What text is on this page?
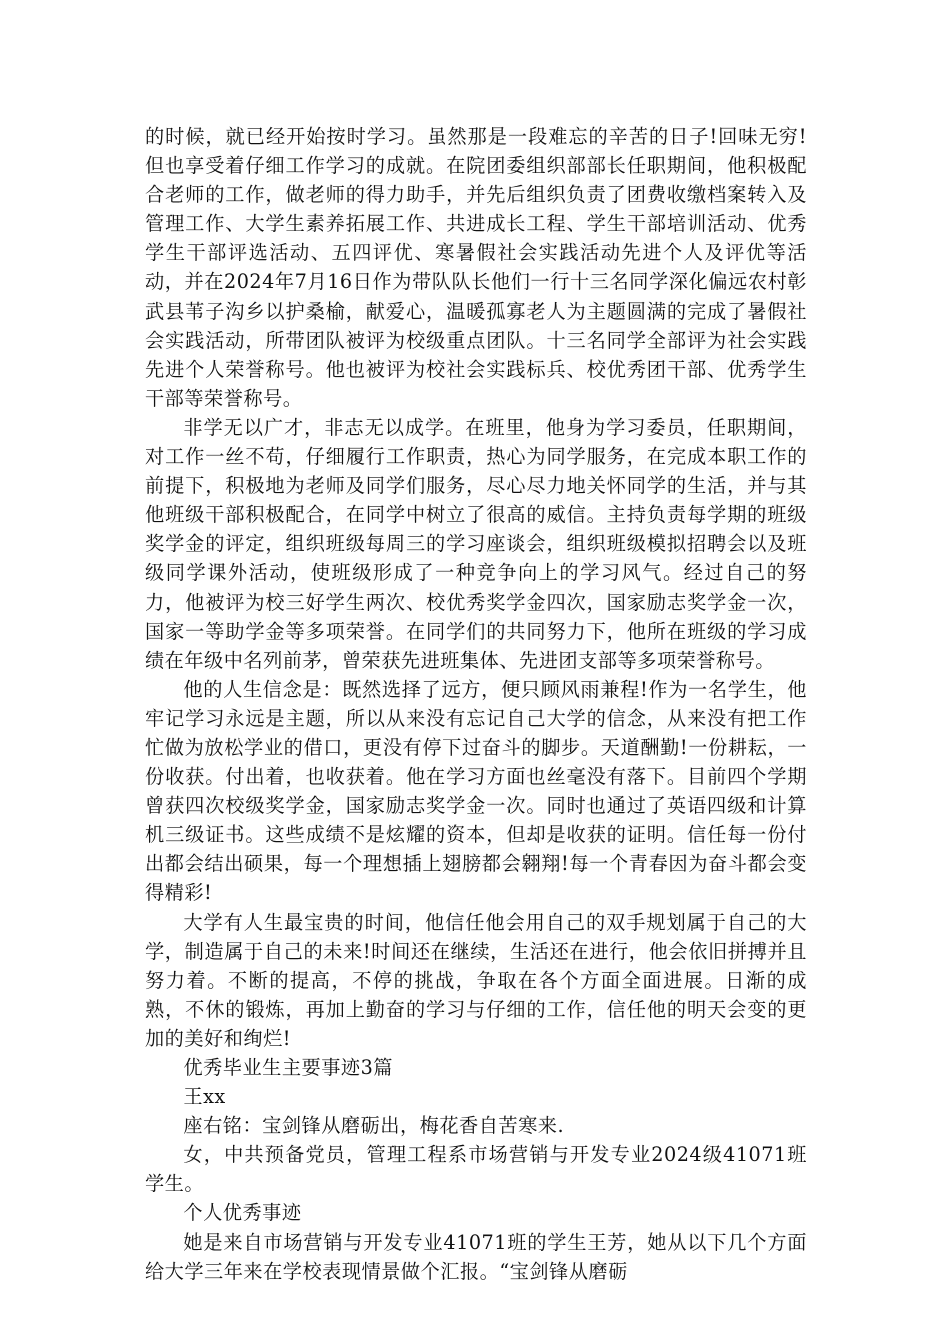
的时候，就已经开始按时学习。虽然那是一段难忘的辛苦的日子!回味无穷!但也享受着仔细工作学习的成就。在院团委组织部部长任职期间，他积极配合老师的工作，做老师的得力助手，并先后组织负责了团费收缴档案转入及管理工作、大学生素养拓展工作、共进成长工程、学生干部培训活动、优秀学生干部评选活动、五四评优、寒暑假社会实践活动先进个人及评优等活动，并在2024年7月16日作为带队队长他们一行十三名同学深化偏远农村彰武县苇子沟乡以护桑榆，献爱心，温暖孤寡老人为主题圆满的完成了暑假社会实践活动，所带团队被评为校级重点团队。十三名同学全部评为社会实践先进个人荣誉称号。他也被评为校社会实践标兵、校优秀团干部、优秀学生干部等荣誉称号。

非学无以广才，非志无以成学。在班里，他身为学习委员，任职期间，对工作一丝不苟，仔细履行工作职责，热心为同学服务，在完成本职工作的前提下，积极地为老师及同学们服务，尽心尽力地关怀同学的生活，并与其他班级干部积极配合，在同学中树立了很高的威信。主持负责每学期的班级奖学金的评定，组织班级每周三的学习座谈会，组织班级模拟招聘会以及班级同学课外活动，使班级形成了一种竞争向上的学习风气。经过自己的努力，他被评为校三好学生两次、校优秀奖学金四次，国家励志奖学金一次，国家一等助学金等多项荣誉。在同学们的共同努力下，他所在班级的学习成绩在年级中名列前茅，曾荣获先进班集体、先进团支部等多项荣誉称号。

他的人生信念是：既然选择了远方，便只顾风雨兼程!作为一名学生，他牢记学习永远是主题，所以从来没有忘记自己大学的信念，从来没有把工作忙做为放松学业的借口，更没有停下过奋斗的脚步。天道酬勤!一份耕耘，一份收获。付出着，也收获着。他在学习方面也丝毫没有落下。目前四个学期曾获四次校级奖学金，国家励志奖学金一次。同时也通过了英语四级和计算机三级证书。这些成绩不是炫耀的资本，但却是收获的证明。信任每一份付出都会结出硕果，每一个理想插上翅膀都会翱翔!每一个青春因为奋斗都会变得精彩!

大学有人生最宝贵的时间，他信任他会用自己的双手规划属于自己的大学，制造属于自己的未来!时间还在继续，生活还在进行，他会依旧拼搏并且努力着。不断的提高，不停的挑战，争取在各个方面全面进展。日渐的成熟，不休的锻炼，再加上勤奋的学习与仔细的工作，信任他的明天会变的更加的美好和绚烂!

优秀毕业生主要事迹3篇

王xx

座右铭：宝剑锋从磨砺出，梅花香自苦寒来.

女，中共预备党员，管理工程系市场营销与开发专业2024级41071班学生。

个人优秀事迹

她是来自市场营销与开发专业41071班的学生王芳，她从以下几个方面给大学三年来在学校表现情景做个汇报。“宝剑锋从磨砺
